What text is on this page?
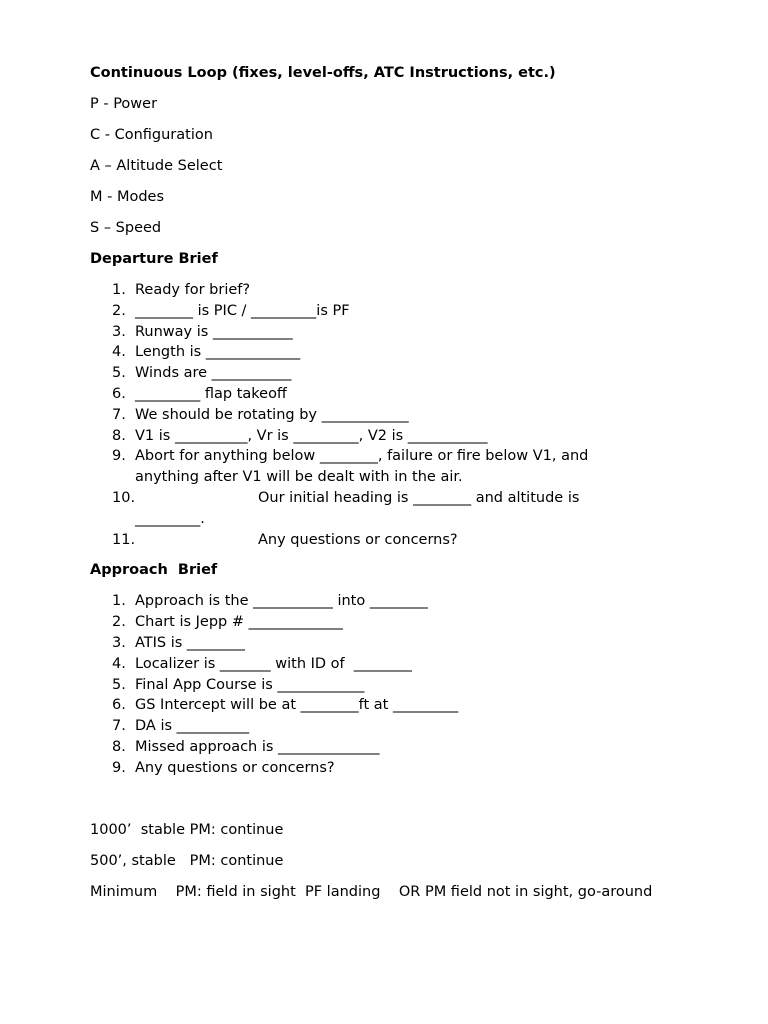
Continuous Loop (fixes, level-offs, ATC Instructions, etc.)
P - Power
C - Configuration
A – Altitude Select
M - Modes
S – Speed
Departure Brief
1. Ready for brief?
2. ________ is PIC / _________is PF
3. Runway is ___________
4. Length is _____________
5. Winds are ___________
6. _________ flap takeoff
7. We should be rotating by ____________
8. V1 is __________, Vr is _________, V2 is ___________
9. Abort for anything below ________, failure or fire below V1, and anything after V1 will be dealt with in the air.
10.	Our initial heading is ________ and altitude is _________.
11.	Any questions or concerns?
Approach  Brief
1. Approach is the ___________ into ________
2. Chart is Jepp # _____________
3. ATIS is ________
4. Localizer is _______ with ID of  ________
5. Final App Course is ____________
6. GS Intercept will be at ________ft at _________
7. DA is __________
8. Missed approach is ______________
9. Any questions or concerns?
1000’  stable PM: continue
500’, stable   PM: continue
Minimum    PM: field in sight  PF landing    OR PM field not in sight, go-around
